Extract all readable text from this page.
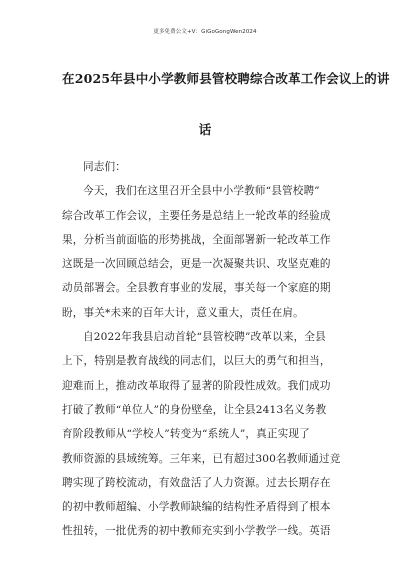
更多免费公文+V：GiGoGongWen2024
在2025年县中小学教师县管校聘综合改革工作会议上的讲
话

同志们：

今天，我们在这里召开全县中小学教师“县管校聘”
综合改革工作会议，主要任务是总结上一轮改革的经验成
果，分析当前面临的形势挑战，全面部署新一轮改革工作
这既是一次回顾总结会，更是一次凝聚共识、攻坚克难的
动员部署会。全县教育事业的发展，事关每一个家庭的期
盼，事关*未来的百年大计，意义重大，责任在肩。
自2022年我县启动首轮“县管校聘”改革以来，全县
上下，特别是教育战线的同志们，以巨大的勇气和担当，
迎难而上，推动改革取得了显著的阶段性成效。我们成功
打破了教师“单位人”的身份壁垒，让全县2413名义务教
育阶段教师从“学校人”转变为“系统人”，真正实现了
教师资源的县域统筹。三年来，已有超过300名教师通过竞
聘实现了跨校流动，有效盘活了人力资源。过去长期存在
的初中教师超编、小学教师缺编的结构性矛盾得到了根本
性扭转，一批优秀的初中教师充实到小学教学一线。英语
